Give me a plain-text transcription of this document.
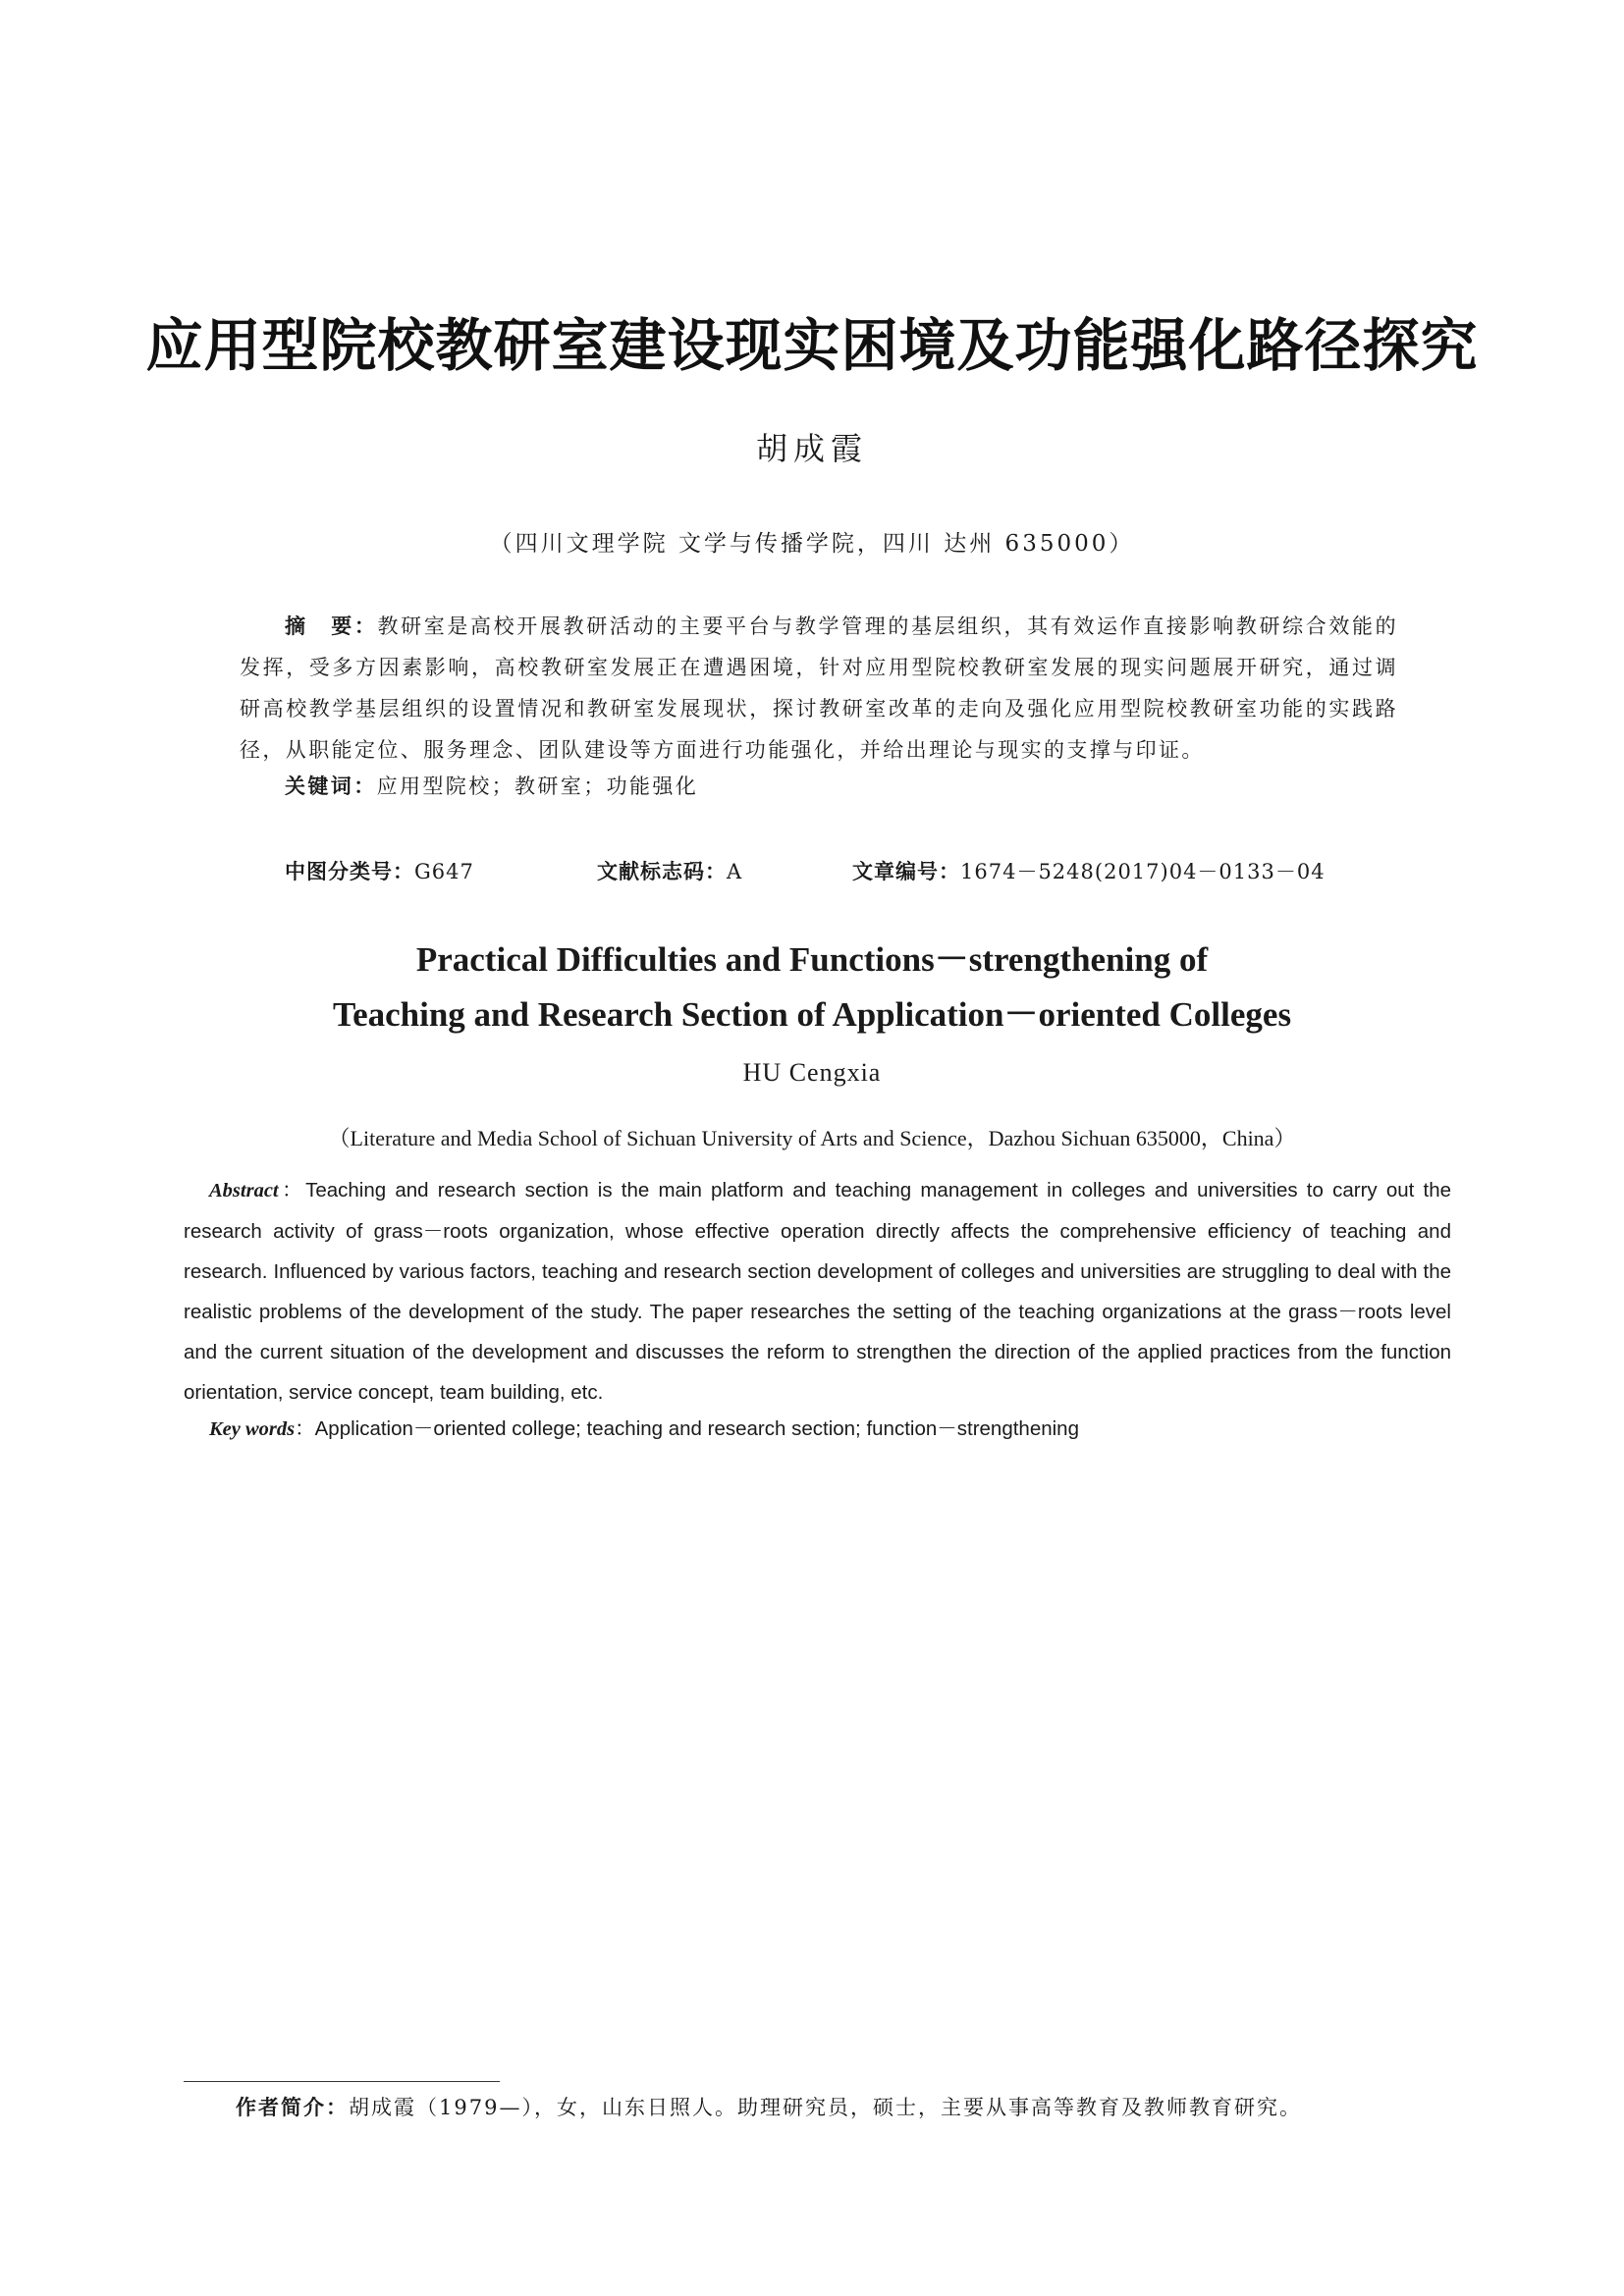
应用型院校教研室建设现实困境及功能强化路径探究
胡成霞
（四川文理学院 文学与传播学院，四川 达州 635000）
摘　要：教研室是高校开展教研活动的主要平台与教学管理的基层组织，其有效运作直接影响教研综合效能的发挥，受多方因素影响，高校教研室发展正在遭遇困境，针对应用型院校教研室发展的现实问题展开研究，通过调研高校教学基层组织的设置情况和教研室发展现状，探讨教研室改革的走向及强化应用型院校教研室功能的实践路径，从职能定位、服务理念、团队建设等方面进行功能强化，并给出理论与现实的支撑与印证。
关键词：应用型院校；教研室；功能强化
中图分类号：G647	文献标志码：A	文章编号：1674－5248(2017)04－0133－04
Practical Difficulties and Functions－strengthening of
Teaching and Research Section of Application－oriented Colleges
HU Cengxia
（Literature and Media School of Sichuan University of Arts and Science，Dazhou Sichuan 635000，China）
Abstract：Teaching and research section is the main platform and teaching management in colleges and universities to carry out the research activity of grass－roots organization, whose effective operation directly affects the comprehensive efficiency of teaching and research. Influenced by various factors, teaching and research section development of colleges and universities are struggling to deal with the realistic problems of the development of the study. The paper researches the setting of the teaching organizations at the grass－roots level and the current situation of the development and discusses the reform to strengthen the direction of the applied practices from the function orientation, service concept, team building, etc.
Key words：Application－oriented college; teaching and research section; function－strengthening
作者简介：胡成霞（1979—），女，山东日照人。助理研究员，硕士，主要从事高等教育及教师教育研究。
